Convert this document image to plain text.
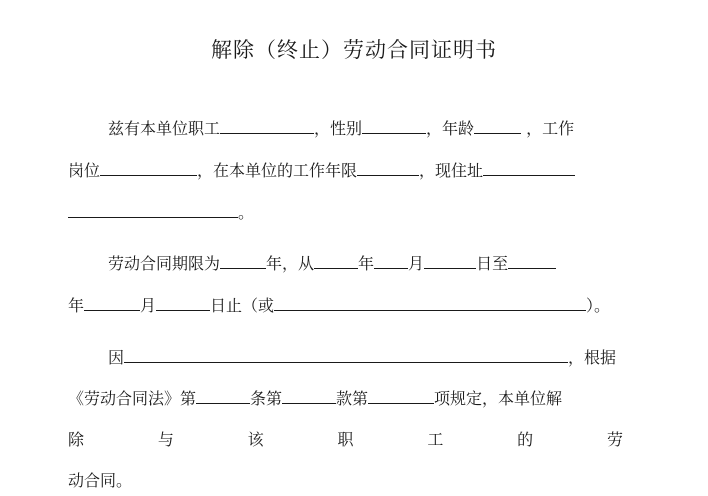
解除（终止）劳动合同证明书
兹有本单位职工	，性别	，年龄	，工作
岗位	，在本单位的工作年限	，现住址
。
劳动合同期限为	年，从	年 月	日至
年	月	日止（或	）。
因	，根据
《劳动合同法》第	条第	款第	项规定，本单位解
除	与	该	职	工	的	劳
动合同。
